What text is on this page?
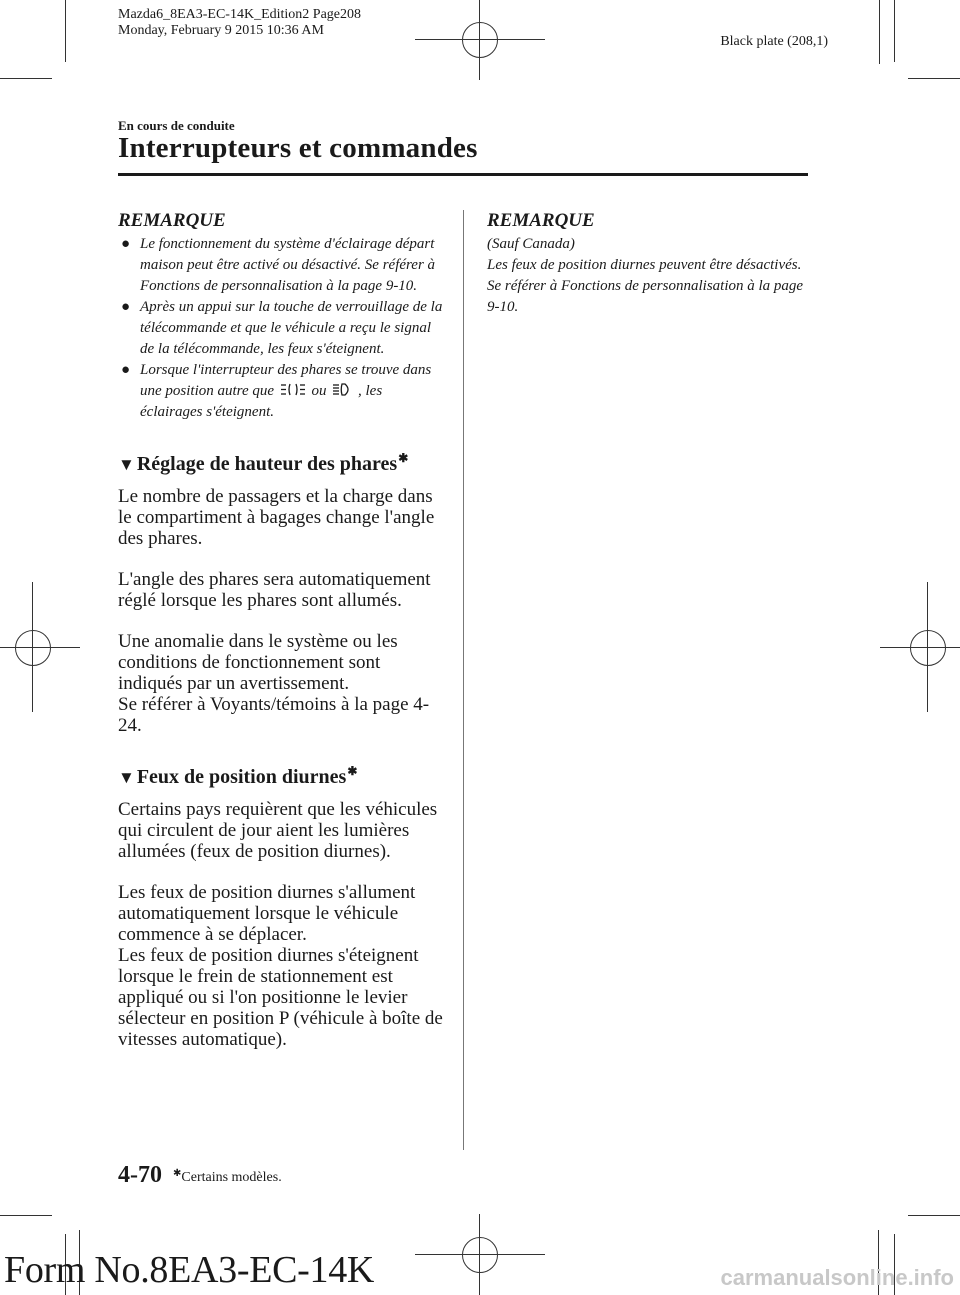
Mazda6_8EA3-EC-14K_Edition2 Page208
Monday, February 9 2015 10:36 AM
Black plate (208,1)
En cours de conduite
Interrupteurs et commandes
REMARQUE
● Le fonctionnement du système d'éclairage départ maison peut être activé ou désactivé. Se référer à Fonctions de personnalisation à la page 9-10.
● Après un appui sur la touche de verrouillage de la télécommande et que le véhicule a reçu le signal de la télécommande, les feux s'éteignent.
● Lorsque l'interrupteur des phares se trouve dans une position autre que	ou , les éclairages s'éteignent.
▼ Réglage de hauteur des phares✱

Le nombre de passagers et la charge dans le compartiment à bagages change l'angle des phares.

L'angle des phares sera automatiquement réglé lorsque les phares sont allumés.

Une anomalie dans le système ou les conditions de fonctionnement sont indiqués par un avertissement.

Se référer à Voyants/témoins à la page 4-24.

▼ Feux de position diurnes✱

Certains pays requièrent que les véhicules qui circulent de jour aient les lumières allumées (feux de position diurnes).

Les feux de position diurnes s'allument automatiquement lorsque le véhicule commence à se déplacer.

Les feux de position diurnes s'éteignent lorsque le frein de stationnement est appliqué ou si l'on positionne le levier sélecteur en position P (véhicule à boîte de vitesses automatique).

REMARQUE

(Sauf Canada)

Les feux de position diurnes peuvent être désactivés.

Se référer à Fonctions de personnalisation à la page 9-10.

4-70 ✱Certains modèles.
Form No.8EA3-EC-14K	carmanualsonline.info
